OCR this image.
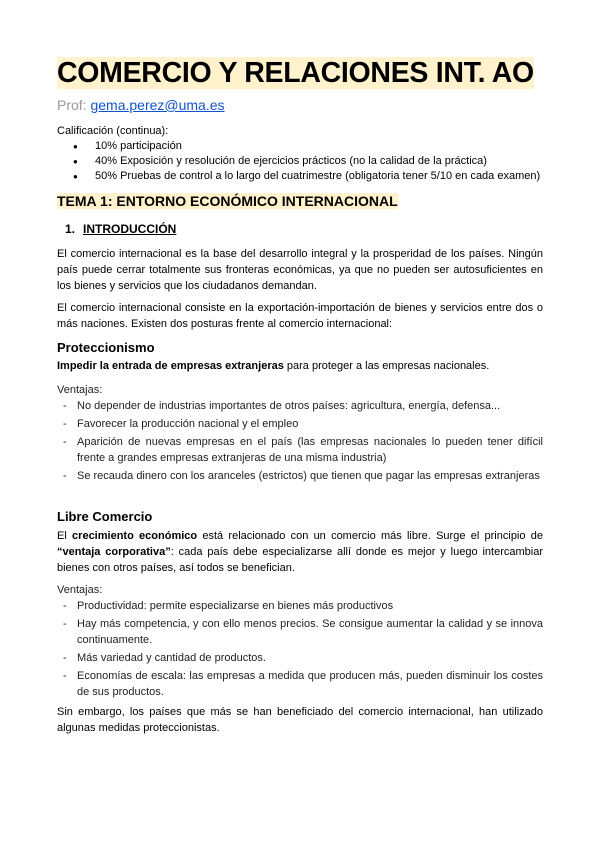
COMERCIO Y RELACIONES INT. AO
Prof: gema.perez@uma.es
Calificación (continua):
● 10% participación
● 40% Exposición y resolución de ejercicios prácticos (no la calidad de la práctica)
● 50% Pruebas de control a lo largo del cuatrimestre (obligatoria tener 5/10 en cada examen)
TEMA 1: ENTORNO ECONÓMICO INTERNACIONAL
1. INTRODUCCIÓN
El comercio internacional es la base del desarrollo integral y la prosperidad de los países. Ningún país puede cerrar totalmente sus fronteras económicas, ya que no pueden ser autosuficientes en los bienes y servicios que los ciudadanos demandan.
El comercio internacional consiste en la exportación-importación de bienes y servicios entre dos o más naciones. Existen dos posturas frente al comercio internacional:
Proteccionismo
Impedir la entrada de empresas extranjeras para proteger a las empresas nacionales.
Ventajas:
- No depender de industrias importantes de otros países: agricultura, energía, defensa...
- Favorecer la producción nacional y el empleo
- Aparición de nuevas empresas en el país (las empresas nacionales lo pueden tener difícil frente a grandes empresas extranjeras de una misma industria)
- Se recauda dinero con los aranceles (estrictos) que tienen que pagar las empresas extranjeras
Libre Comercio
El crecimiento económico está relacionado con un comercio más libre. Surge el principio de “ventaja corporativa”: cada país debe especializarse allí donde es mejor y luego intercambiar bienes con otros países, así todos se benefician.
Ventajas:
- Productividad: permite especializarse en bienes más productivos
- Hay más competencia, y con ello menos precios. Se consigue aumentar la calidad y se innova continuamente.
- Más variedad y cantidad de productos.
- Economías de escala: las empresas a medida que producen más, pueden disminuir los costes de sus productos.
Sin embargo, los países que más se han beneficiado del comercio internacional, han utilizado algunas medidas proteccionistas.
